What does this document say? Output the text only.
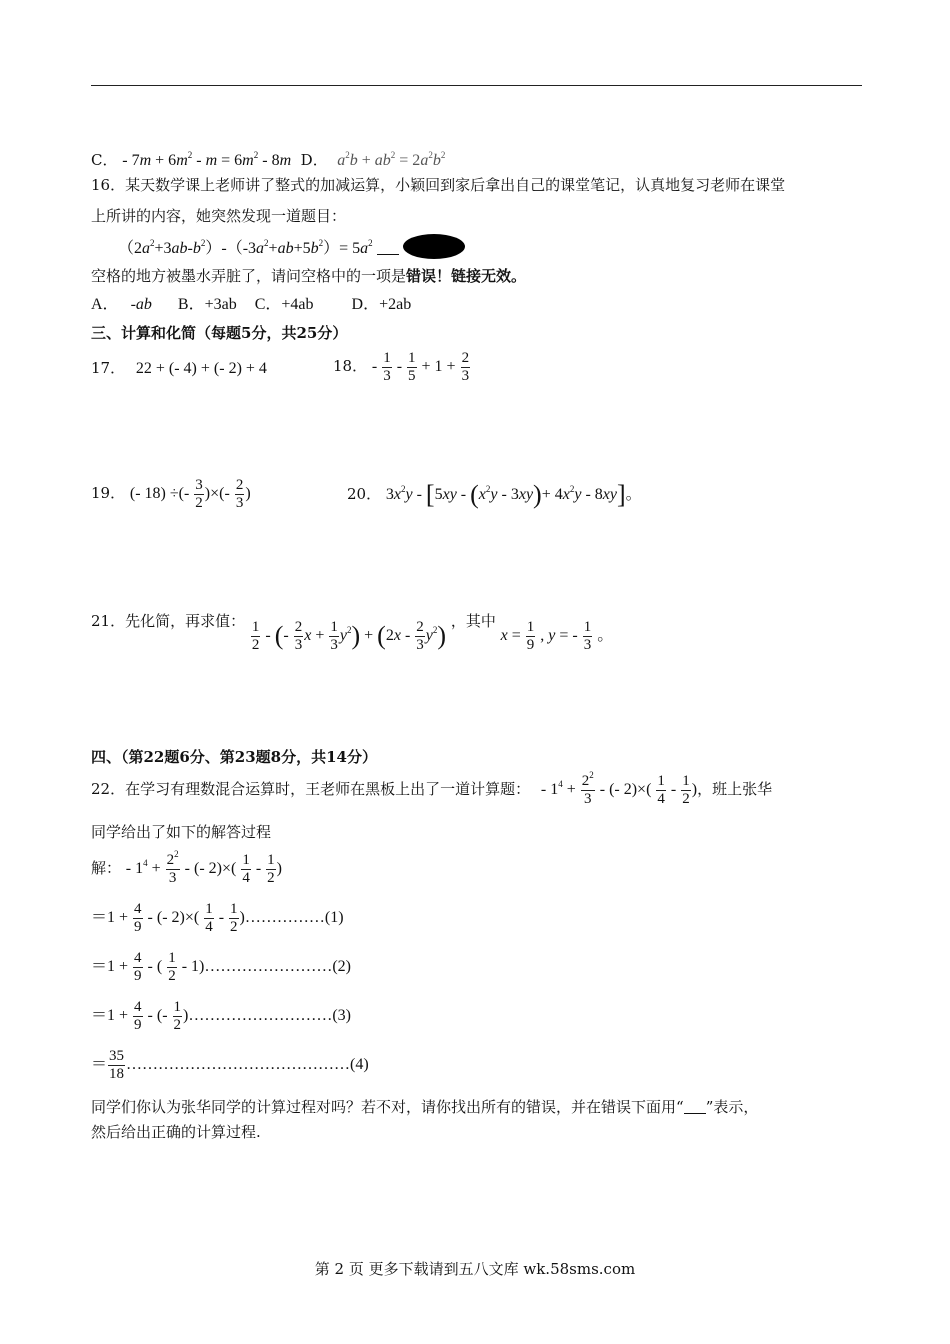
C． - $7m + 6m^2 - m = 6m^2 - 8m$ D． $a^2b + ab^2 = 2a^2b^2$
16．某天数学课上老师讲了整式的加减运算，小颖回到家后拿出自己的课堂笔记，认真地复习老师在课堂
上所讲的内容，她突然发现一道题目：
$(2a^2+3ab-b^2)-(-3a^2+ab+5b^2)= 5a^2$
空格的地方被墨水弄脏了，请问空格中的一项是错误！链接无效。
A． -ab B．+3ab C．+4ab D．+2ab
三、计算和化简（每题5分，共25分）
17． 22 + (- 4) + (- 2) + 4	18． - $\frac{1}{3} - \frac{1}{5} + 1 + \frac{2}{3}$
19． (- 18) ÷(- $\frac{3}{2}$ )×(- $\frac{2}{3}$ )	20． $3x^2y - [5xy - (x^2y - 3xy)+ 4x^2y - 8xy]$。
21．先化简，再求值： $\frac{1}{2}$ - (- $\frac{2}{3}$ $x + \frac{1}{3} y^2) + (2x - \frac{2}{3} y^2)$ ，其中 $x = \frac{1}{9}$ , y = - $\frac{1}{3}$ 。
四、（第22题6分、第23题8分，共14分）
22．在学习有理数混合运算时，王老师在黑板上出了一道计算题： - $1^4 + \frac{2^2}{3}$ - (- $2)\times( \frac{1}{4} - \frac{1}{2}$ )，班上张华
同学给出了如下的解答过程
解： - $1^4 + \frac{2^2}{3}$ - (- $2)\times( \frac{1}{4} - \frac{1}{2}$ )
$=1 + \frac{4}{9}$ - (- $2)\times( \frac{1}{4} - \frac{1}{2}$ )……………(1)
$=1 + \frac{4}{9}$ - ( $\frac{1}{2}$ - 1)……………………(2)
$=1 + \frac{4}{9}$ - (- $\frac{1}{2}$ )………………………(3)
＝ $\frac{35}{18}$ ……………………………………(4)
同学们你认为张华同学的计算过程对吗？若不对，请你找出所有的错误，并在错误下面用“ ”表示，
然后给出正确的计算过程.
第 2 页 更多下载请到五八文库 wk.58sms.com
